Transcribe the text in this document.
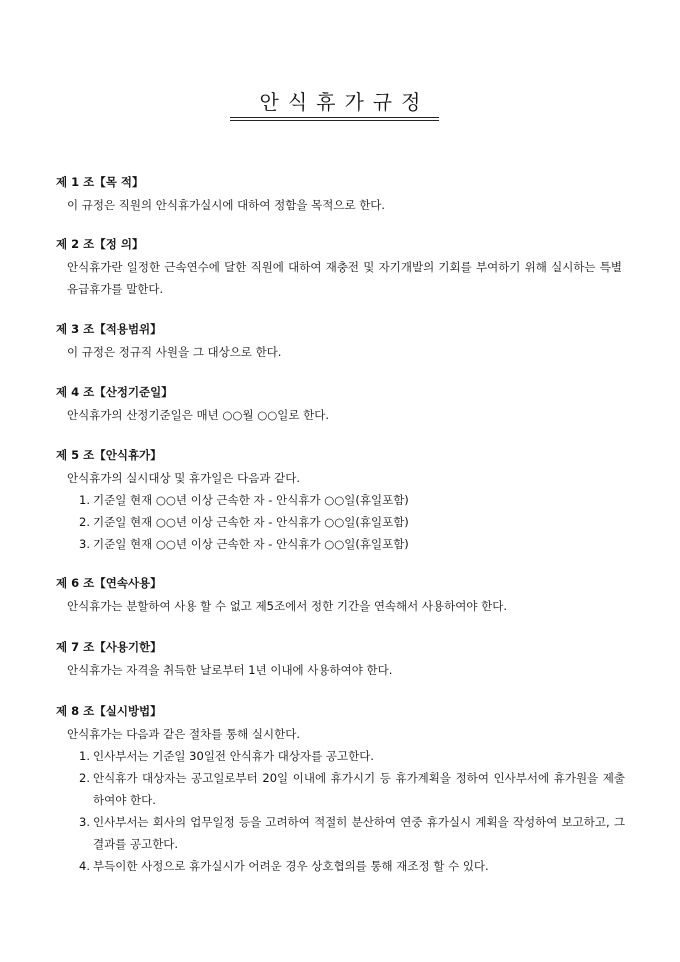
안식휴가규정
제 1 조【목 적】
이 규정은 직원의 안식휴가실시에 대하여 정함을 목적으로 한다.
제 2 조【정 의】
안식휴가란 일정한 근속연수에 달한 직원에 대하여 재충전 및 자기개발의 기회를 부여하기 위해 실시하는 특별유급휴가를 말한다.
제 3 조【적용범위】
이 규정은 정규직 사원을 그 대상으로 한다.
제 4 조【산정기준일】
안식휴가의 산정기준일은 매년 ○○월 ○○일로 한다.
제 5 조【안식휴가】
안식휴가의 실시대상 및 휴가일은 다음과 같다.
1. 기준일 현재 ○○년 이상 근속한 자 - 안식휴가 ○○일(휴일포함)
2. 기준일 현재 ○○년 이상 근속한 자 - 안식휴가 ○○일(휴일포함)
3. 기준일 현재 ○○년 이상 근속한 자 - 안식휴가 ○○일(휴일포함)
제 6 조【연속사용】
안식휴가는 분할하여 사용 할 수 없고 제5조에서 정한 기간을 연속해서 사용하여야 한다.
제 7 조【사용기한】
안식휴가는 자격을 취득한 날로부터 1년 이내에 사용하여야 한다.
제 8 조【실시방법】
안식휴가는 다음과 같은 절차를 통해 실시한다.
1. 인사부서는 기준일 30일전 안식휴가 대상자를 공고한다.
2. 안식휴가 대상자는 공고일로부터 20일 이내에 휴가시기 등 휴가계획을 정하여 인사부서에 휴가원을 제출하여야 한다.
3. 인사부서는 회사의 업무일정 등을 고려하여 적절히 분산하여 연중 휴가실시 계획을 작성하여 보고하고, 그 결과를 공고한다.
4. 부득이한 사정으로 휴가실시가 어려운 경우 상호협의를 통해 재조정 할 수 있다.
